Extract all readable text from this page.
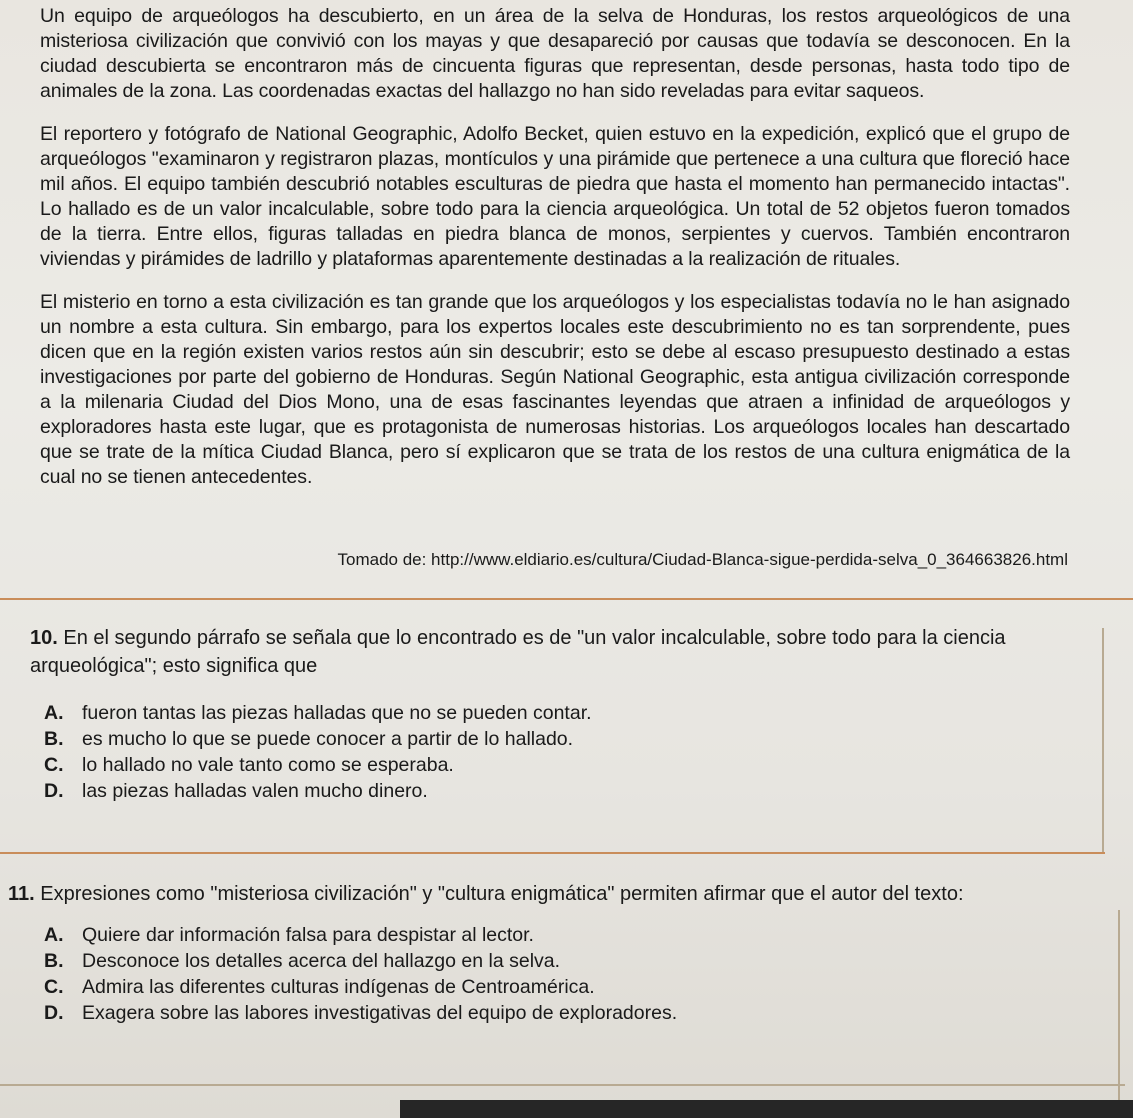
Un equipo de arqueólogos ha descubierto, en un área de la selva de Honduras, los restos arqueológicos de una misteriosa civilización que convivió con los mayas y que desapareció por causas que todavía se desconocen. En la ciudad descubierta se encontraron más de cincuenta figuras que representan, desde personas, hasta todo tipo de animales de la zona. Las coordenadas exactas del hallazgo no han sido reveladas para evitar saqueos.

El reportero y fotógrafo de National Geographic, Adolfo Becket, quien estuvo en la expedición, explicó que el grupo de arqueólogos "examinaron y registraron plazas, montículos y una pirámide que pertenece a una cultura que floreció hace mil años. El equipo también descubrió notables esculturas de piedra que hasta el momento han permanecido intactas". Lo hallado es de un valor incalculable, sobre todo para la ciencia arqueológica. Un total de 52 objetos fueron tomados de la tierra. Entre ellos, figuras talladas en piedra blanca de monos, serpientes y cuervos. También encontraron viviendas y pirámides de ladrillo y plataformas aparentemente destinadas a la realización de rituales.

El misterio en torno a esta civilización es tan grande que los arqueólogos y los especialistas todavía no le han asignado un nombre a esta cultura. Sin embargo, para los expertos locales este descubrimiento no es tan sorprendente, pues dicen que en la región existen varios restos aún sin descubrir; esto se debe al escaso presupuesto destinado a estas investigaciones por parte del gobierno de Honduras. Según National Geographic, esta antigua civilización corresponde a la milenaria Ciudad del Dios Mono, una de esas fascinantes leyendas que atraen a infinidad de arqueólogos y exploradores hasta este lugar, que es protagonista de numerosas historias. Los arqueólogos locales han descartado que se trate de la mítica Ciudad Blanca, pero sí explicaron que se trata de los restos de una cultura enigmática de la cual no se tienen antecedentes.

Tomado de: http://www.eldiario.es/cultura/Ciudad-Blanca-sigue-perdida-selva_0_364663826.html

10. En el segundo párrafo se señala que lo encontrado es de "un valor incalculable, sobre todo para la ciencia arqueológica"; esto significa que

A. fueron tantas las piezas halladas que no se pueden contar.
B. es mucho lo que se puede conocer a partir de lo hallado.
C. lo hallado no vale tanto como se esperaba.
D. las piezas halladas valen mucho dinero.

11. Expresiones como "misteriosa civilización" y "cultura enigmática" permiten afirmar que el autor del texto:

A. Quiere dar información falsa para despistar al lector.
B. Desconoce los detalles acerca del hallazgo en la selva.
C. Admira las diferentes culturas indígenas de Centroamérica.
D. Exagera sobre las labores investigativas del equipo de exploradores.
